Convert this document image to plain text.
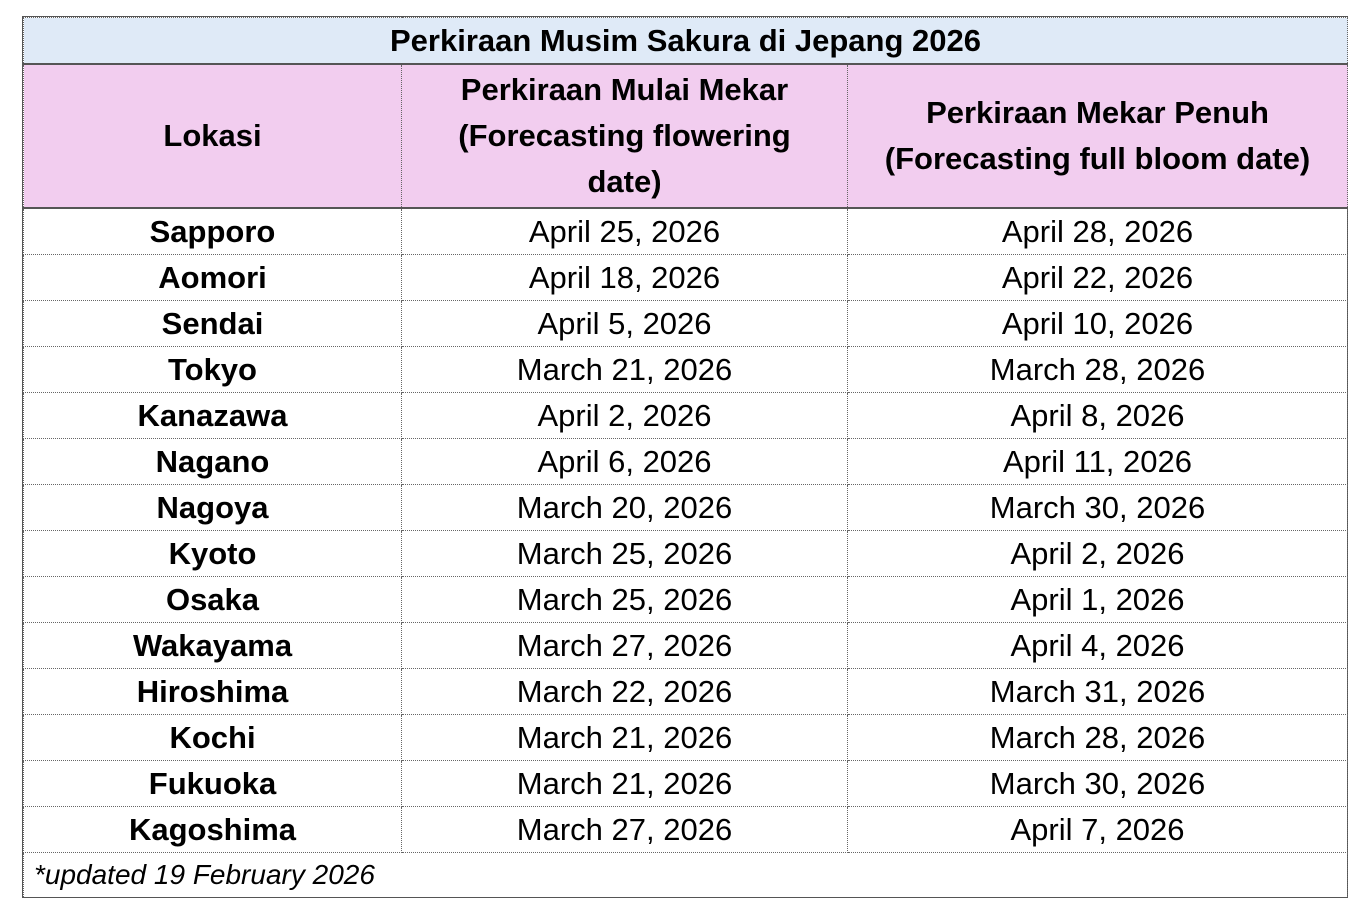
Perkiraan Musim Sakura di Jepang 2026		
Lokasi	Perkiraan Mulai Mekar (Forecasting flowering date)	Perkiraan Mekar Penuh (Forecasting full bloom date)
Sapporo	April 25, 2026	April 28, 2026
Aomori	April 18, 2026	April 22, 2026
Sendai	April 5, 2026	April 10, 2026
Tokyo	March 21, 2026	March 28, 2026
Kanazawa	April 2, 2026	April 8, 2026
Nagano	April 6, 2026	April 11, 2026
Nagoya	March 20, 2026	March 30, 2026
Kyoto	March 25, 2026	April 2, 2026
Osaka	March 25, 2026	April 1, 2026
Wakayama	March 27, 2026	April 4, 2026
Hiroshima	March 22, 2026	March 31, 2026
Kochi	March 21, 2026	March 28, 2026
Fukuoka	March 21, 2026	March 30, 2026
Kagoshima	March 27, 2026	April 7, 2026
*updated 19 February 2026		
